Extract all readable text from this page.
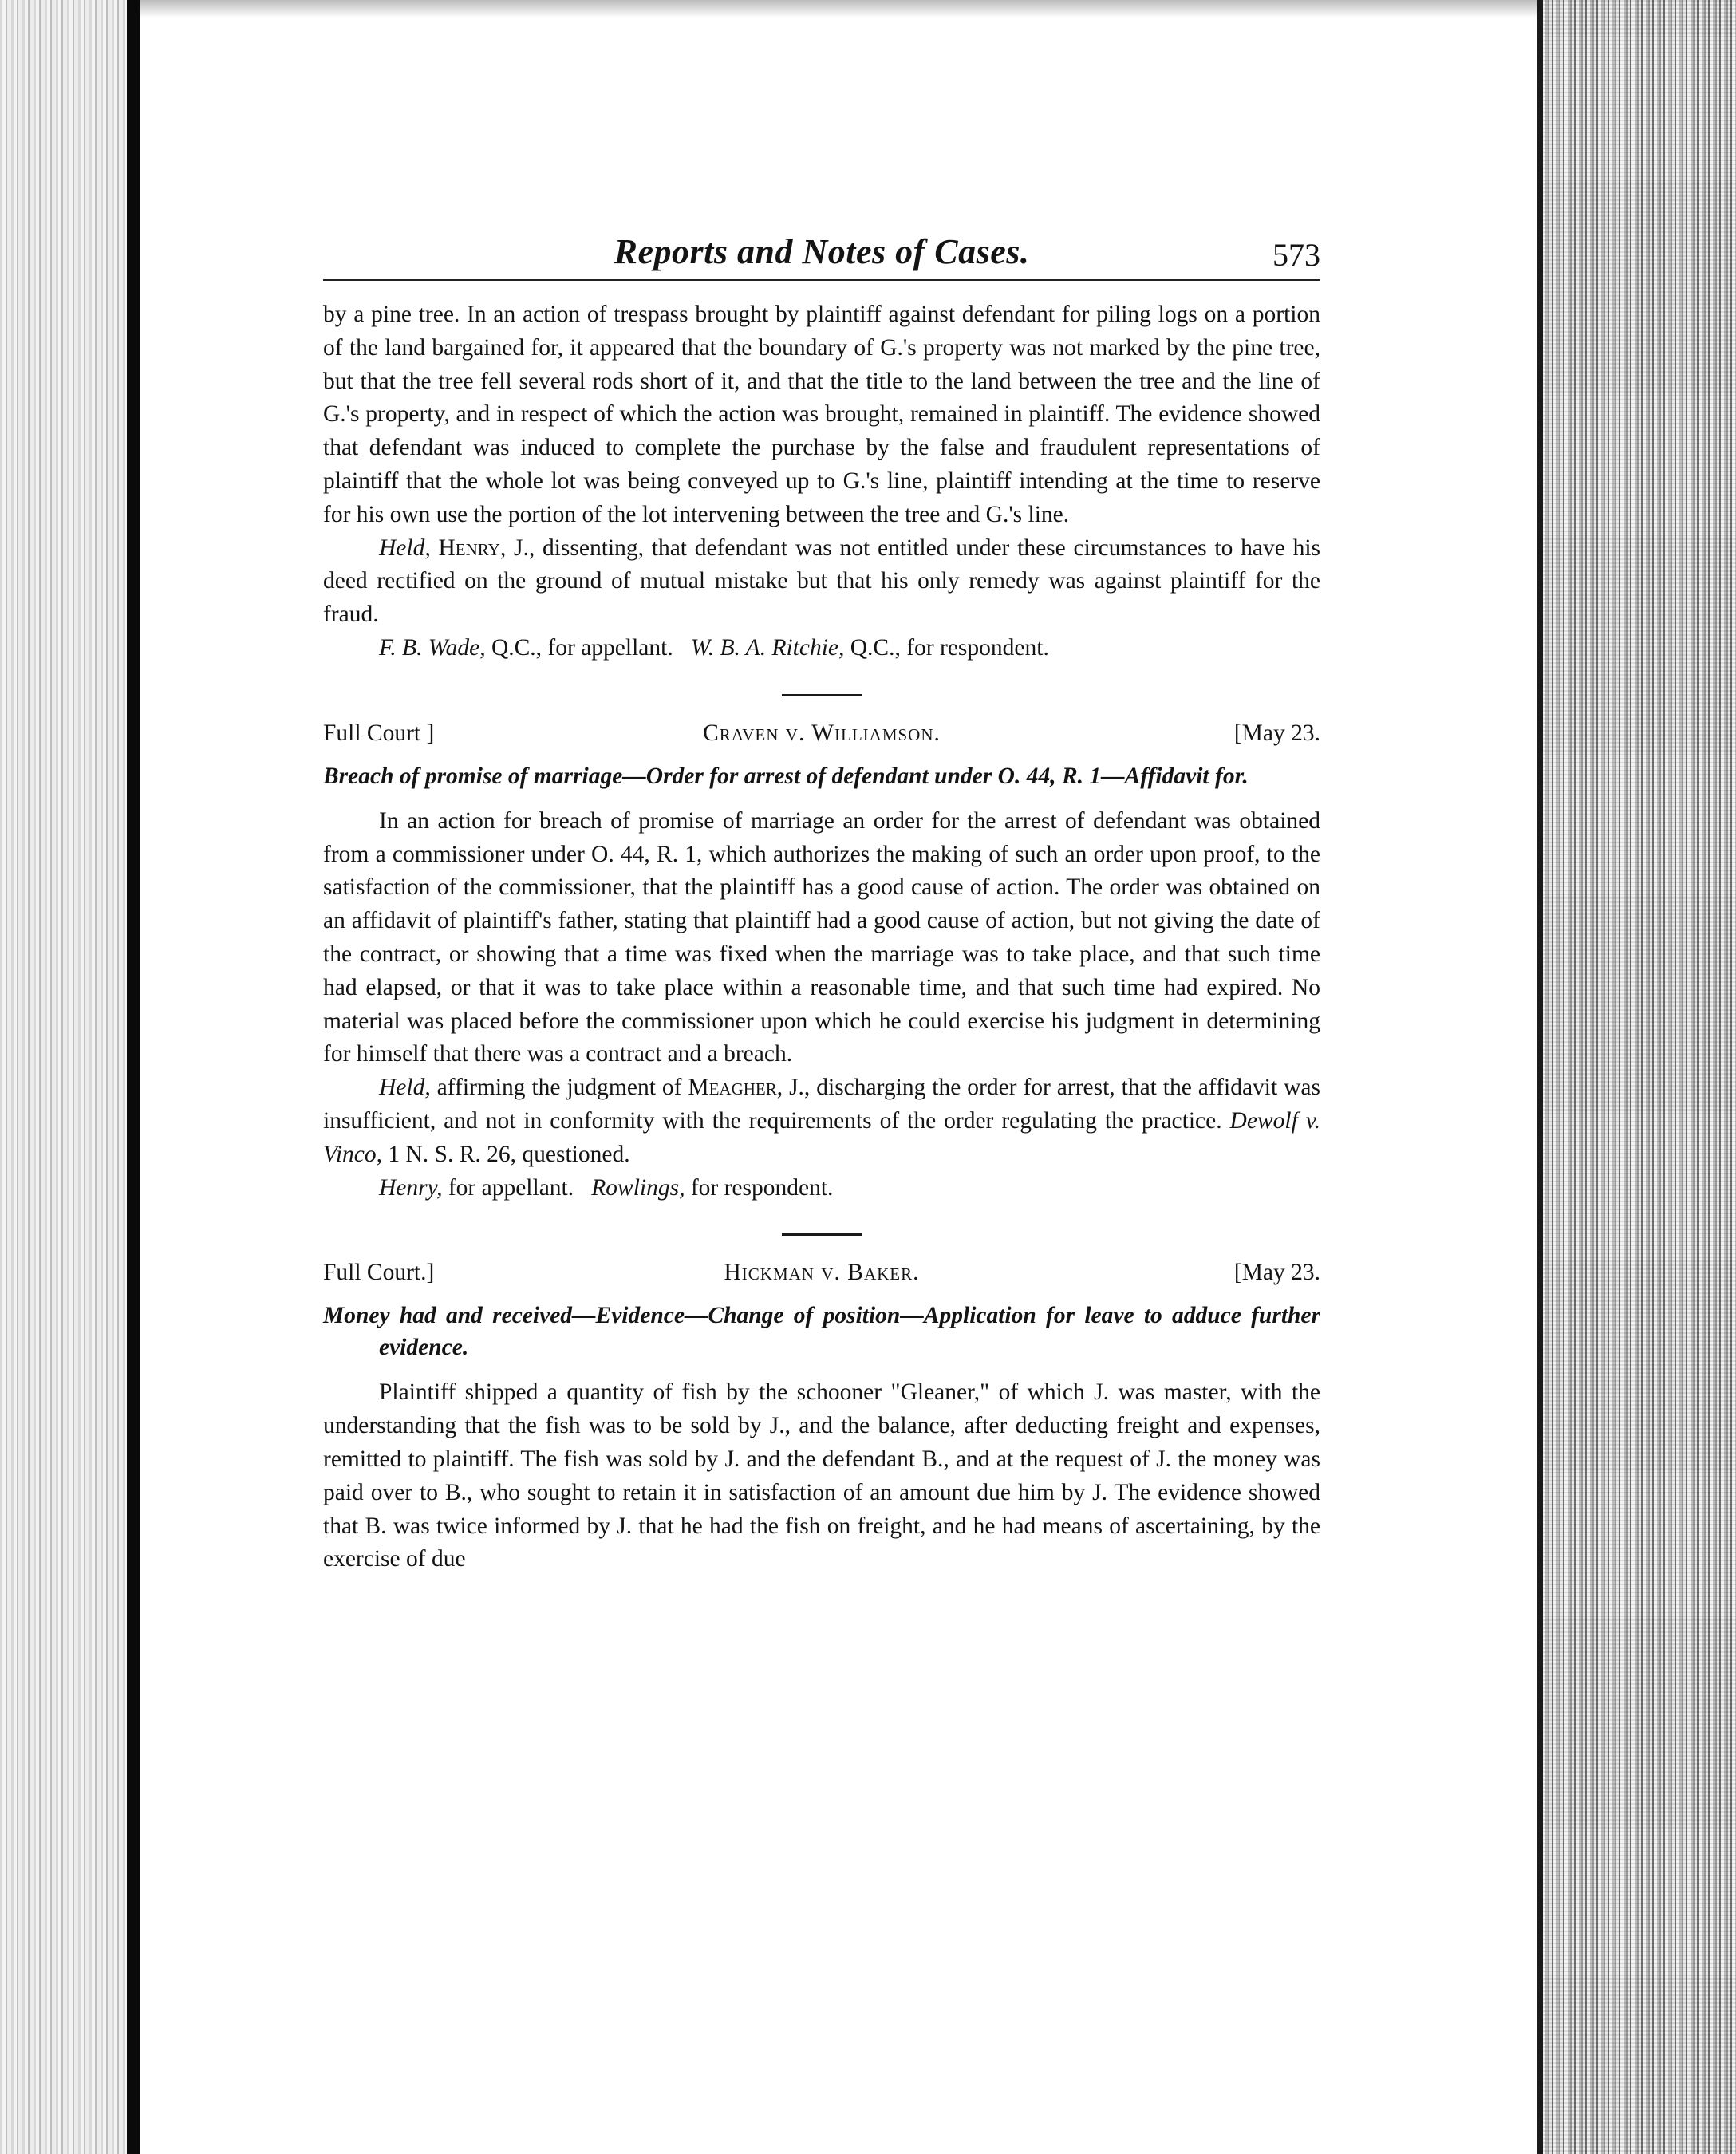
Reports and Notes of Cases.	573

by a pine tree. In an action of trespass brought by plaintiff against defendant for piling logs on a portion of the land bargained for, it appeared that the boundary of G.'s property was not marked by the pine tree, but that the tree fell several rods short of it, and that the title to the land between the tree and the line of G.'s property, and in respect of which the action was brought, remained in plaintiff. The evidence showed that defendant was induced to complete the purchase by the false and fraudulent representations of plaintiff that the whole lot was being conveyed up to G.'s line, plaintiff intending at the time to reserve for his own use the portion of the lot intervening between the tree and G.'s line.

Held, Henry, J., dissenting, that defendant was not entitled under these circumstances to have his deed rectified on the ground of mutual mistake but that his only remedy was against plaintiff for the fraud.

F. B. Wade, Q.C., for appellant. W. B. A. Ritchie, Q.C., for respondent.

Full Court ]	Craven v. Williamson.	[May 23.
Breach of promise of marriage—Order for arrest of defendant under O. 44, R. 1—Affidavit for.

In an action for breach of promise of marriage an order for the arrest of defendant was obtained from a commissioner under O. 44, R. 1, which authorizes the making of such an order upon proof, to the satisfaction of the commissioner, that the plaintiff has a good cause of action. The order was obtained on an affidavit of plaintiff's father, stating that plaintiff had a good cause of action, but not giving the date of the contract, or showing that a time was fixed when the marriage was to take place, and that such time had elapsed, or that it was to take place within a reasonable time, and that such time had expired. No material was placed before the commissioner upon which he could exercise his judgment in determining for himself that there was a contract and a breach.

Held, affirming the judgment of Meagher, J., discharging the order for arrest, that the affidavit was insufficient, and not in conformity with the requirements of the order regulating the practice. Dewolf v. Vinco, 1 N. S. R. 26, questioned.

Henry, for appellant. Rowlings, for respondent.

Full Court.]	Hickman v. Baker.	[May 23.
Money had and received—Evidence—Change of position—Application for leave to adduce further evidence.

Plaintiff shipped a quantity of fish by the schooner "Gleaner," of which J. was master, with the understanding that the fish was to be sold by J., and the balance, after deducting freight and expenses, remitted to plaintiff. The fish was sold by J. and the defendant B., and at the request of J. the money was paid over to B., who sought to retain it in satisfaction of an amount due him by J. The evidence showed that B. was twice informed by J. that he had the fish on freight, and he had means of ascertaining, by the exercise of due
